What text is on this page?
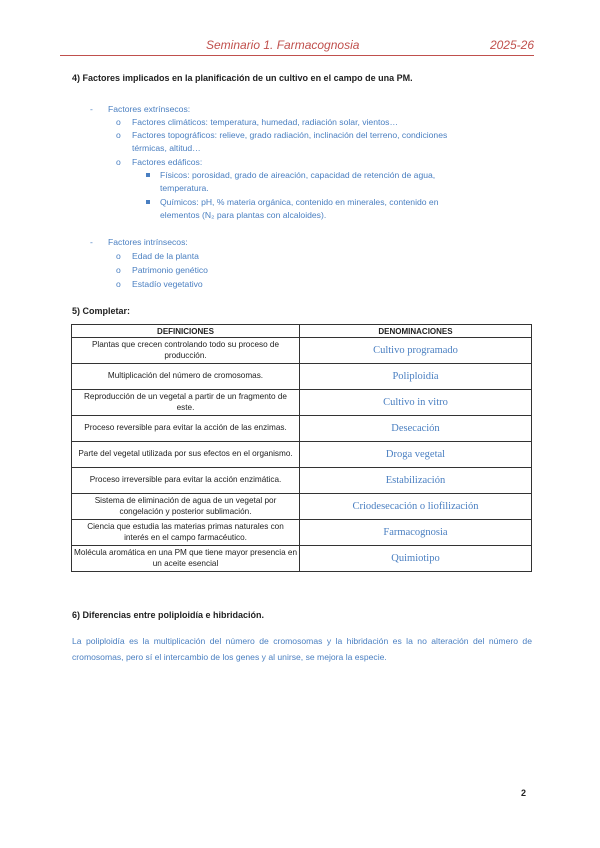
Seminario 1. Farmacognosia	2025-26
4) Factores implicados en la planificación de un cultivo en el campo de una PM.
- Factores extrínsecos:
o Factores climáticos: temperatura, humedad, radiación solar, vientos…
o Factores topográficos: relieve, grado radiación, inclinación del terreno, condiciones
térmicas, altitud…
o Factores edáficos:
Físicos: porosidad, grado de aireación, capacidad de retención de agua,
temperatura.
Químicos: pH, % materia orgánica, contenido en minerales, contenido en
elementos (N₂ para plantas con alcaloides).
- Factores intrínsecos:
o Edad de la planta
o Patrimonio genético
o Estadío vegetativo
5) Completar:
DEFINICIONES	DENOMINACIONES
Plantas que crecen controlando todo su proceso de producción.	Cultivo programado
Multiplicación del número de cromosomas.	Poliploidía
Reproducción de un vegetal a partir de un fragmento de este.	Cultivo in vitro
Proceso reversible para evitar la acción de las enzimas.	Desecación
Parte del vegetal utilizada por sus efectos en el organismo.	Droga vegetal
Proceso irreversible para evitar la acción enzimática.	Estabilización
Sistema de eliminación de agua de un vegetal por congelación y posterior sublimación.	Criodesecación o liofilización
Ciencia que estudia las materias primas naturales con interés en el campo farmacéutico.	Farmacognosia
Molécula aromática en una PM que tiene mayor presencia en un aceite esencial	Quimiotipo
6) Diferencias entre poliploidía e hibridación.
La poliploidía es la multiplicación del número de cromosomas y la hibridación es la no alteración del número de cromosomas, pero sí el intercambio de los genes y al unirse, se mejora la especie.
2
